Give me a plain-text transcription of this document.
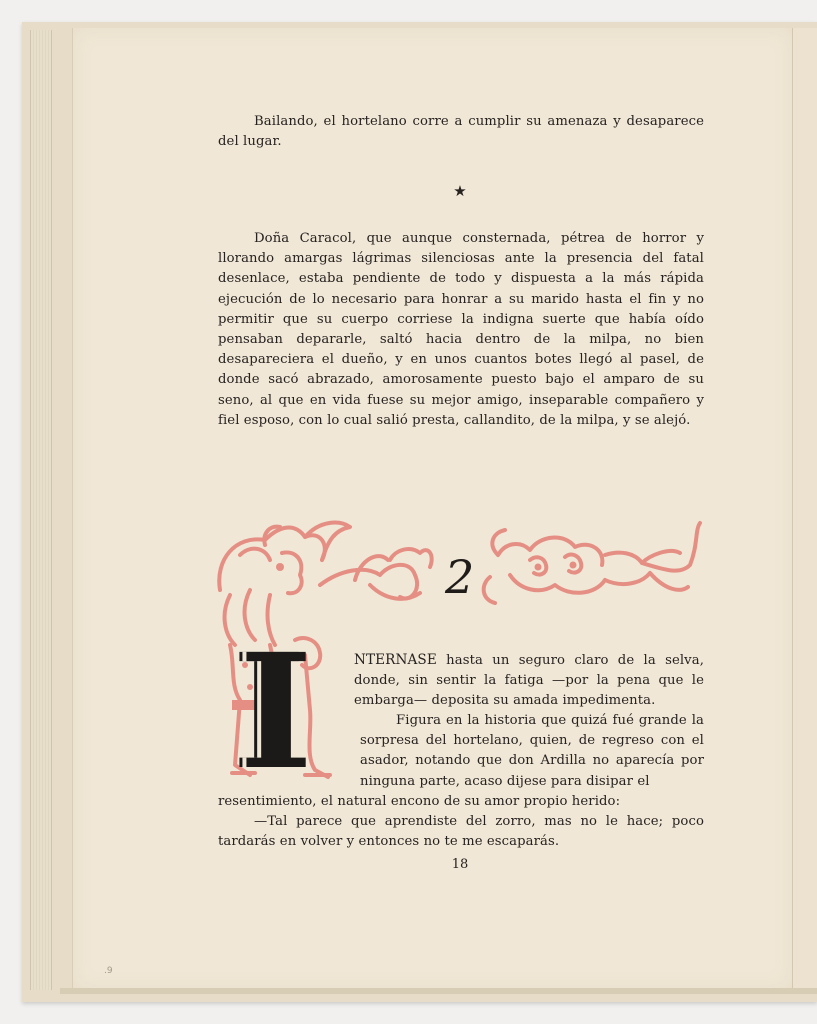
Bailando, el hortelano corre a cumplir su amenaza y desaparece del lugar.

★

Doña Caracol, que aunque consternada, pétrea de horror y llorando amargas lágrimas silenciosas ante la presencia del fatal desenlace, estaba pendiente de todo y dispuesta a la más rápida ejecución de lo necesario para honrar a su marido hasta el fin y no permitir que su cuerpo corriese la indigna suerte que había oído pensaban depararle, saltó hacia dentro de la milpa, no bien desapareciera el dueño, y en unos cuantos botes llegó al pasel, de donde sacó abrazado, amorosamente puesto bajo el amparo de su seno, al que en vida fuese su mejor amigo, inseparable compañero y fiel esposo, con lo cual salió presta, callandito, de la milpa, y se alejó.

2

I	NTERNASE hasta un seguro claro de la selva, donde, sin sentir la fatiga —por la pena que le embarga— deposita su amada impedimenta.

Figura en la historia que quizá fué grande la sorpresa del hortelano, quien, de regreso con el asador, notando que don Ardilla no aparecía por ninguna parte, acaso dijese para disipar el

resentimiento, el natural encono de su amor propio herido:

—Tal parece que aprendiste del zorro, mas no le hace; poco tardarás en volver y entonces no te me escaparás.

18
.9
